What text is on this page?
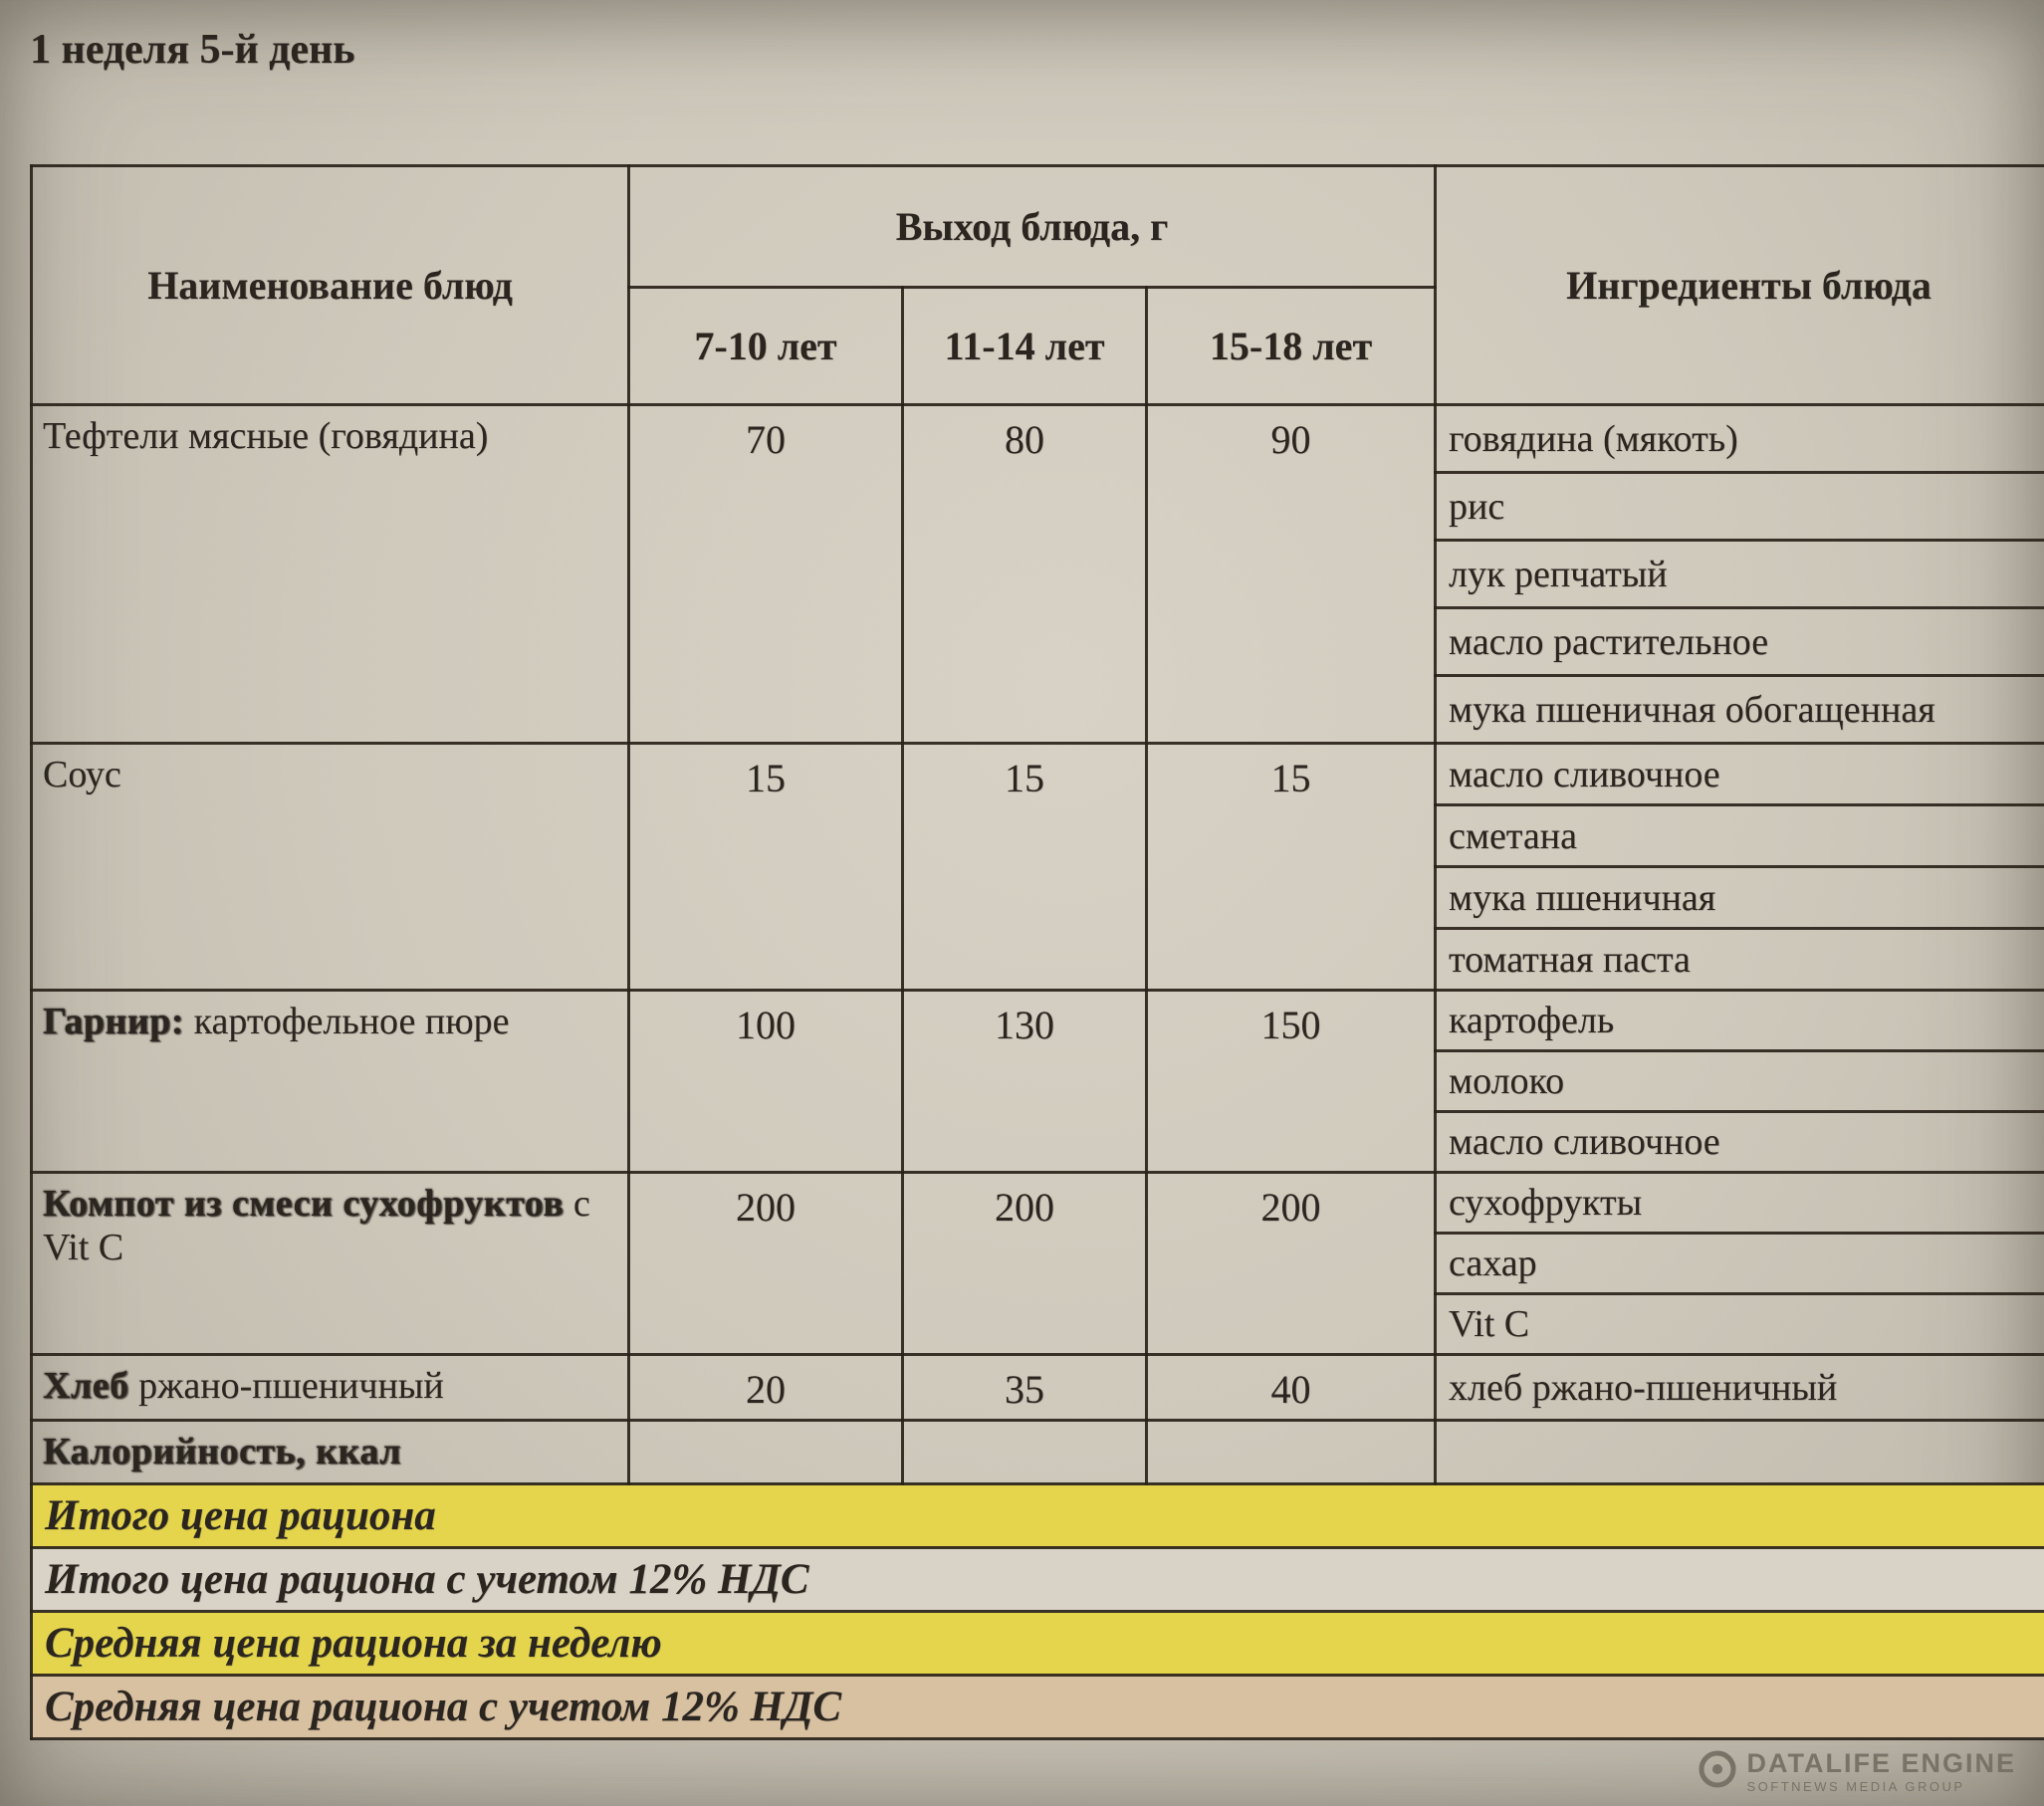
1 неделя 5-й день
Наименование блюд	Выход блюда, г			Ингредиенты блюда
	7-10 лет	11-14 лет	15-18 лет	
Тефтели мясные (говядина)	70	80	90	говядина (мякоть)
				рис
				лук репчатый
				масло растительное
				мука пшеничная обогащенная
Соус	15	15	15	масло сливочное
				сметана
				мука пшеничная
				томатная паста
Гарнир: картофельное пюре	100	130	150	картофель
				молоко
				масло сливочное
Компот из смеси сухофруктов с Vit C	200	200	200	сухофрукты
				сахар
				Vit C
Хлеб ржано-пшеничный	20	35	40	хлеб ржано-пшеничный
Калорийность, ккал				
Итого цена рациона				
Итого цена рациона с учетом 12% НДС				
Средняя цена рациона за неделю				
Средняя цена рациона с учетом 12% НДС				
DATALIFE ENGINE
SOFTNEWS MEDIA GROUP
